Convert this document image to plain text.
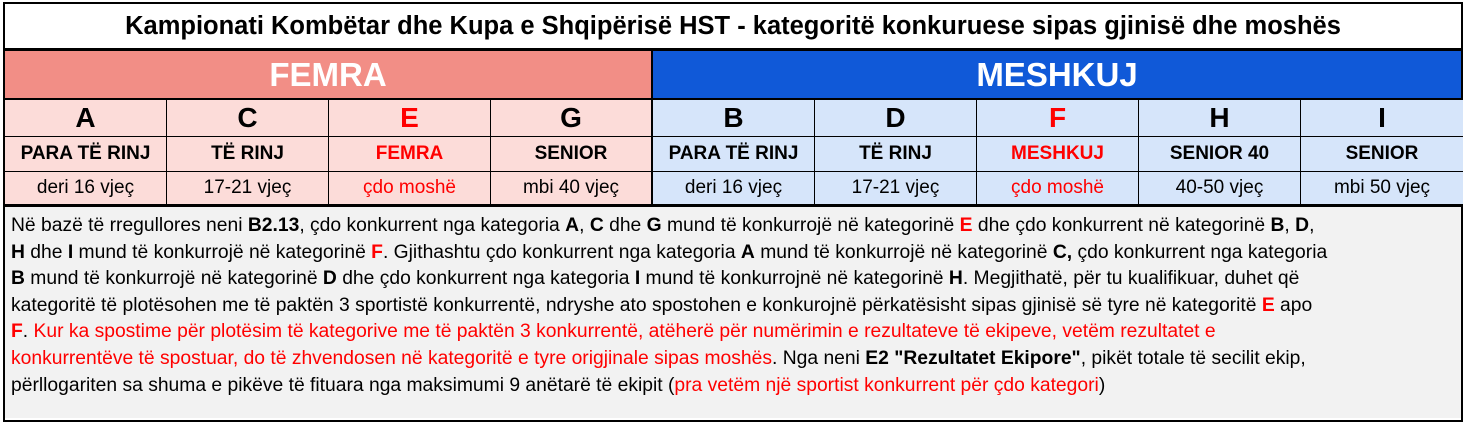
Kampionati Kombëtar dhe Kupa e Shqipërisë HST - kategoritë konkuruese sipas gjinisë dhe moshës
FEMRA	MESHKUJ
A	C	E	G	B	D	F	H	I
PARA TË RINJ	TË RINJ	FEMRA	SENIOR	PARA TË RINJ	TË RINJ	MESHKUJ	SENIOR 40	SENIOR
deri 16 vjeç	17-21 vjeç	çdo moshë	mbi 40 vjeç	deri 16 vjeç	17-21 vjeç	çdo moshë	40-50 vjeç	mbi 50 vjeç
Në bazë të rregullores neni B2.13, çdo konkurrent nga kategoria A, C dhe G mund të konkurrojë në kategorinë E dhe çdo konkurrent në kategorinë B, D,
H dhe I mund të konkurrojë në kategorinë F. Gjithashtu çdo konkurrent nga kategoria A mund të konkurrojë në kategorinë C, çdo konkurrent nga kategoria
B mund të konkurrojë në kategorinë D dhe çdo konkurrent nga kategoria I mund të konkurrojnë në kategorinë H. Megjithatë, për tu kualifikuar, duhet që
kategoritë të plotësohen me të paktën 3 sportistë konkurrentë, ndryshe ato spostohen e konkurojnë përkatësisht sipas gjinisë së tyre në kategoritë E apo
F. Kur ka spostime për plotësim të kategorive me të paktën 3 konkurrentë, atëherë për numërimin e rezultateve të ekipeve, vetëm rezultatet e
konkurrentëve të spostuar, do të zhvendosen në kategoritë e tyre origjinale sipas moshës. Nga neni E2 "Rezultatet Ekipore", pikët totale të secilit ekip,
përllogariten sa shuma e pikëve të fituara nga maksimumi 9 anëtarë të ekipit (pra vetëm një sportist konkurrent për çdo kategori)
